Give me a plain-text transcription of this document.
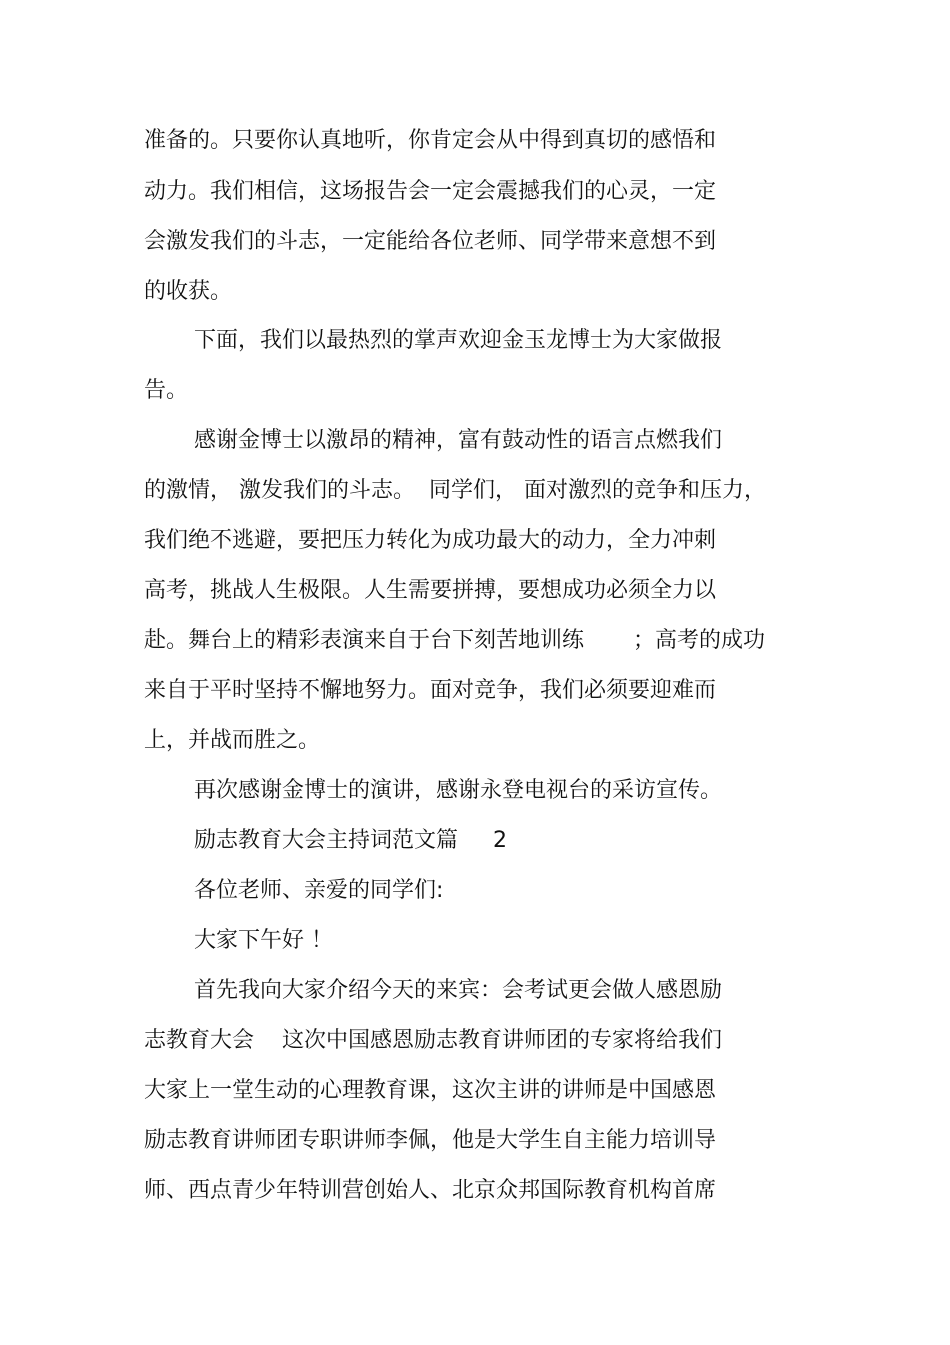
准备的。只要你认真地听，你肯定会从中得到真切的感悟和
动力。我们相信，这场报告会一定会震撼我们的心灵，一定
会激发我们的斗志，一定能给各位老师、同学带来意想不到
的收获。
下面，我们以最热烈的掌声欢迎金玉龙博士为大家做报
告。
感谢金博士以激昂的精神，富有鼓动性的语言点燃我们
的激情， 激发我们的斗志。  同学们， 面对激烈的竞争和压力，
我们绝不逃避，要把压力转化为成功最大的动力，全力冲刺
高考，挑战人生极限。人生需要拼搏，要想成功必须全力以
赴。舞台上的精彩表演来自于台下刻苦地训练       ；高考的成功
来自于平时坚持不懈地努力。面对竞争，我们必须要迎难而
上，并战而胜之。
再次感谢金博士的演讲，感谢永登电视台的采访宣传。
励志教育大会主持词范文篇     2
各位老师、亲爱的同学们:
大家下午好 ！
首先我向大家介绍今天的来宾：会考试更会做人感恩励
志教育大会    这次中国感恩励志教育讲师团的专家将给我们
大家上一堂生动的心理教育课，这次主讲的讲师是中国感恩
励志教育讲师团专职讲师李佩，他是大学生自主能力培训导
师、西点青少年特训营创始人、北京众邦国际教育机构首席
